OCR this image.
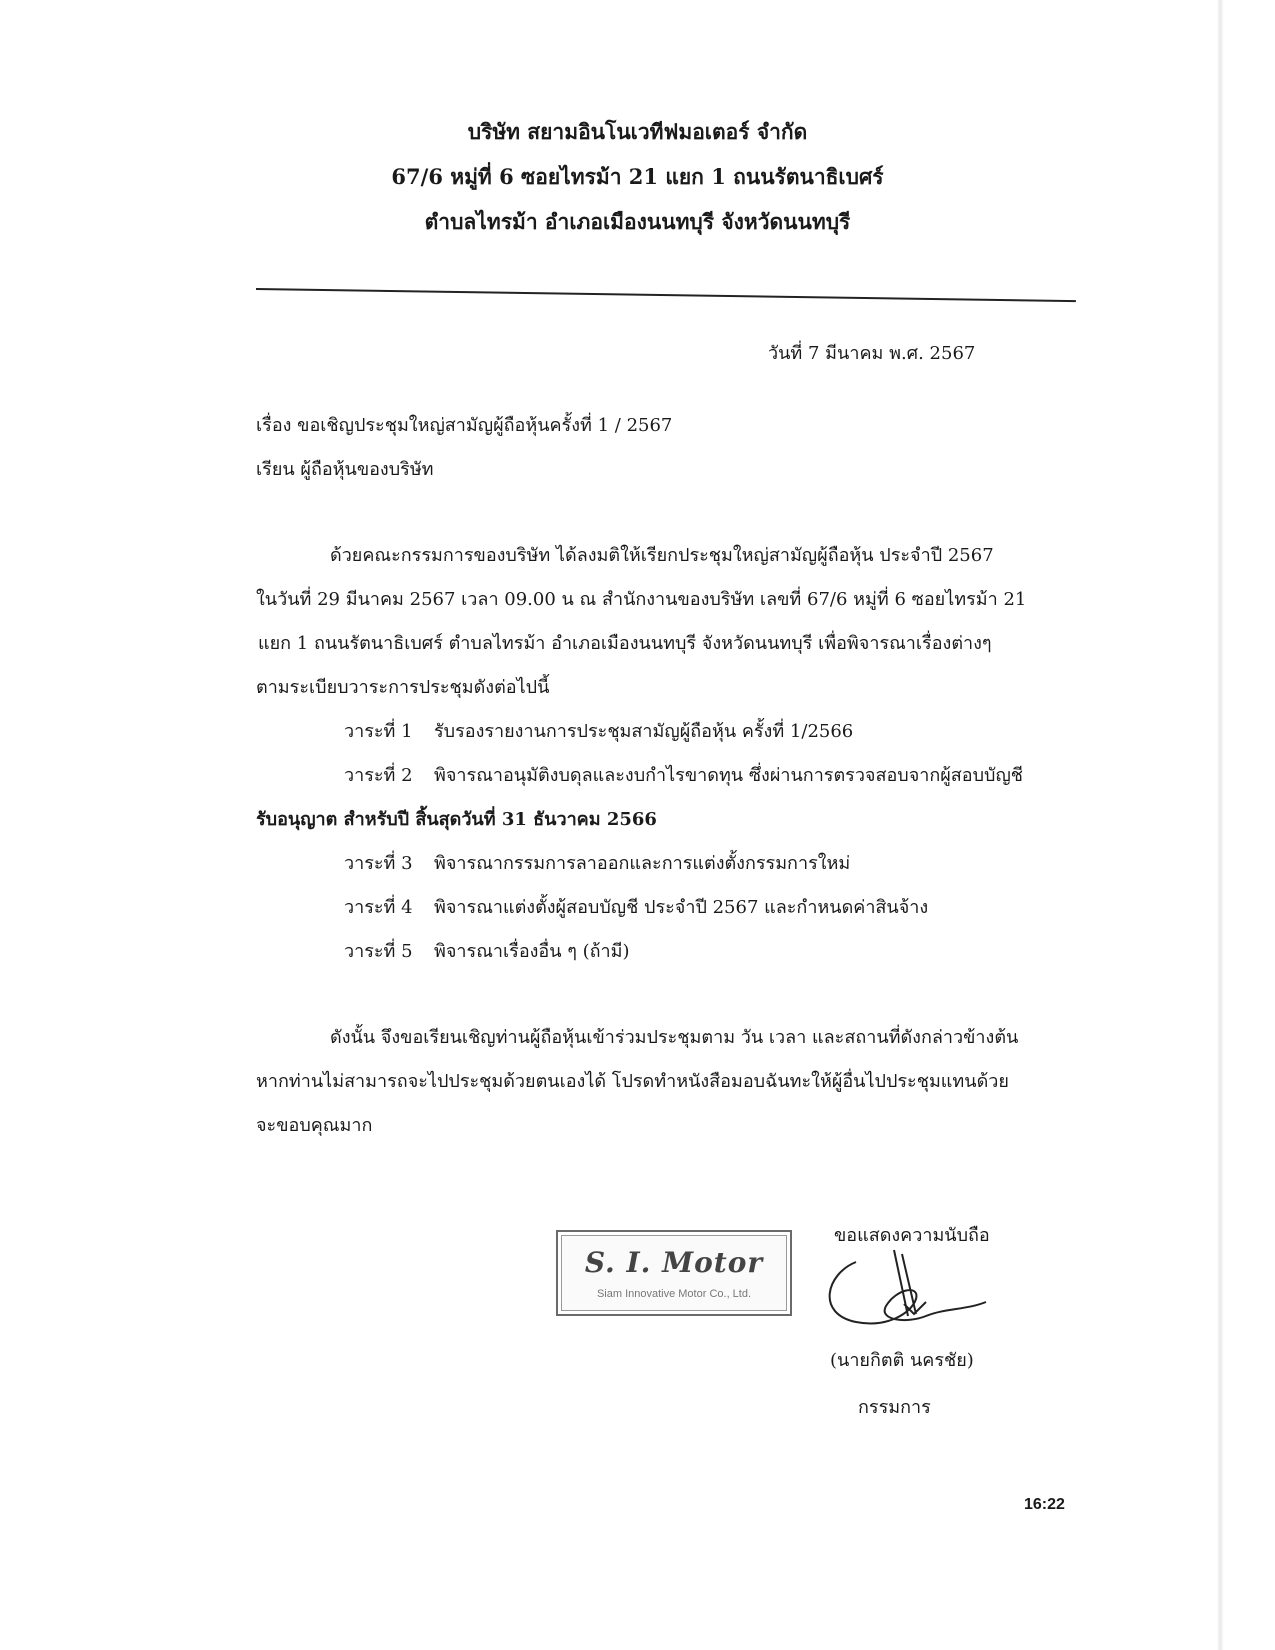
บริษัท สยามอินโนเวทีฟมอเตอร์ จำกัด
67/6 หมู่ที่ 6 ซอยไทรม้า 21 แยก 1 ถนนรัตนาธิเบศร์
ตำบลไทรม้า อำเภอเมืองนนทบุรี จังหวัดนนทบุรี
วันที่ 7 มีนาคม พ.ศ. 2567
เรื่อง ขอเชิญประชุมใหญ่สามัญผู้ถือหุ้นครั้งที่ 1 / 2567
เรียน ผู้ถือหุ้นของบริษัท
ด้วยคณะกรรมการของบริษัท ได้ลงมติให้เรียกประชุมใหญ่สามัญผู้ถือหุ้น ประจำปี 2567
ในวันที่ 29 มีนาคม 2567 เวลา 09.00 น ณ สำนักงานของบริษัท เลขที่ 67/6 หมู่ที่ 6 ซอยไทรม้า 21
แยก 1 ถนนรัตนาธิเบศร์ ตำบลไทรม้า อำเภอเมืองนนทบุรี จังหวัดนนทบุรี เพื่อพิจารณาเรื่องต่างๆ
ตามระเบียบวาระการประชุมดังต่อไปนี้
วาระที่ 1 รับรองรายงานการประชุมสามัญผู้ถือหุ้น ครั้งที่ 1/2566
วาระที่ 2 พิจารณาอนุมัติงบดุลและงบกำไรขาดทุน ซึ่งผ่านการตรวจสอบจากผู้สอบบัญชี
รับอนุญาต สำหรับปี สิ้นสุดวันที่ 31 ธันวาคม 2566
วาระที่ 3 พิจารณากรรมการลาออกและการแต่งตั้งกรรมการใหม่
วาระที่ 4 พิจารณาแต่งตั้งผู้สอบบัญชี ประจำปี 2567 และกำหนดค่าสินจ้าง
วาระที่ 5 พิจารณาเรื่องอื่น ๆ (ถ้ามี)
ดังนั้น จึงขอเรียนเชิญท่านผู้ถือหุ้นเข้าร่วมประชุมตาม วัน เวลา และสถานที่ดังกล่าวข้างต้น
หากท่านไม่สามารถจะไปประชุมด้วยตนเองได้ โปรดทำหนังสือมอบฉันทะให้ผู้อื่นไปประชุมแทนด้วย
จะขอบคุณมาก
ขอแสดงความนับถือ
S. I. Motor
Siam Innovative Motor Co., Ltd.
(นายกิตติ นครชัย)
กรรมการ
16:22
